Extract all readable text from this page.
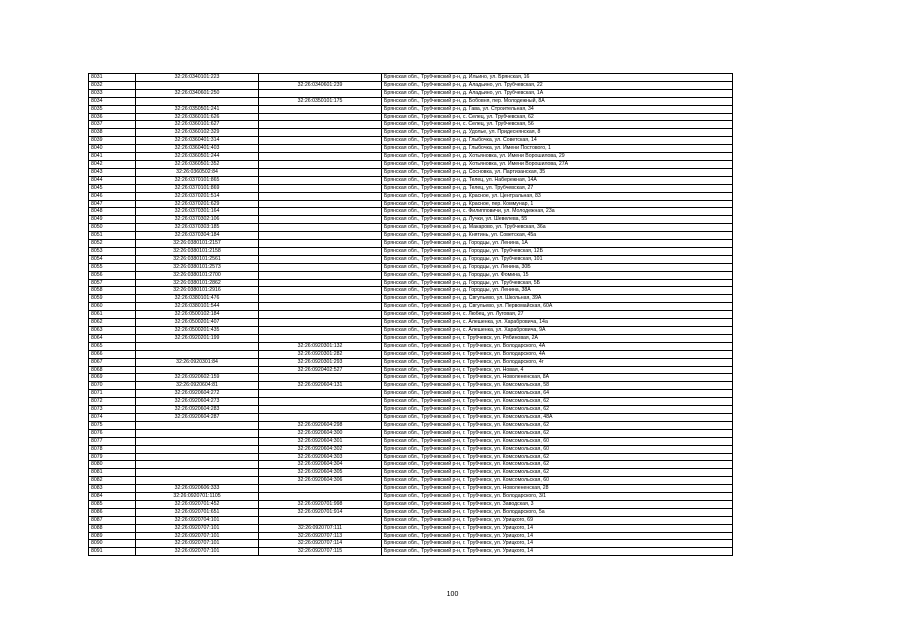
8031	32:26:0340101:223		Брянская обл., Трубчевский р-н, д. Ильино, ул. Брянская, 16
8032		32:26:0340601:239	Брянская обл., Трубчевский р-н, д. Аладьино, ул. Трубчевская, 22
8033	32:26:0340601:250		Брянская обл., Трубчевский р-н, д. Аладьино, ул. Трубчевская, 1А
8034		32:26:0350101:175	Брянская обл., Трубчевский р-н, д. Бобовня, пер. Молодежный, 8А
8035	32:26:0350501:241		Брянская обл., Трубчевский р-н, д. Гава, ул. Строительная, 34
8036	32:26:0360101:626		Брянская обл., Трубчевский р-н, с. Селец, ул. Трубчевская, 62
8037	32:26:0360101:627		Брянская обл., Трубчевский р-н, с. Селец, ул. Трубчевская, 56
8038	32:26:0360102:329		Брянская обл., Трубчевский р-н, д. Удолье, ул. Придеснянская, 8
8039	32:26:0360401:314		Брянская обл., Трубчевский р-н, д. Глыбочка, ул. Советская, 14
8040	32:26:0360401:403		Брянская обл., Трубчевский р-н, д. Глыбочка, ул. Имени Постового, 1
8041	32:26:0360501:244		Брянская обл., Трубчевский р-н, д. Хотьяновка, ул. Имени Ворошилова, 29
8042	32:26:0360501:352		Брянская обл., Трубчевский р-н, д. Хотьяновка, ул. Имени Ворошилова, 27А
8043	32:26:0360502:84		Брянская обл., Трубчевский р-н, д. Сосновка, ул. Партизанская, 35
8044	32:26:0370101:865		Брянская обл., Трубчевский р-н, д. Телец, ул. Набережная, 14А
8045	32:26:0370101:869		Брянская обл., Трубчевский р-н, д. Телец, ул. Трубчевская, 27
8046	32:26:0370201:514		Брянская обл., Трубчевский р-н, д. Красное, ул. Центральная, 83
8047	32:26:0370201:629		Брянская обл., Трубчевский р-н, д. Красное, пер. Коммунар, 1
8048	32:26:0370301:164		Брянская обл., Трубчевский р-н, с. Филипповичи, ул. Молодежная, 23а
8049	32:26:0370302:106		Брянская обл., Трубчевский р-н, д. Лучки, ул. Шевелева, 55
8050	32:26:0370303:185		Брянская обл., Трубчевский р-н, д. Макарово, ул. Трубчевская, 36а
8051	32:26:0370304:184		Брянская обл., Трубчевский р-н, д. Княтинь, ул. Советская, 45а
8052	32:26:0380101:2157		Брянская обл., Трубчевский р-н, д. Городцы, ул. Ленина, 1А
8053	32:26:0380101:2158		Брянская обл., Трубчевский р-н, д. Городцы, ул. Трубчевская, 12Б
8054	32:26:0380101:2561		Брянская обл., Трубчевский р-н, д. Городцы, ул. Трубчевская, 101
8055	32:26:0380101:2573		Брянская обл., Трубчевский р-н, д. Городцы, ул. Ленина, 30Б
8056	32:26:0380101:2700		Брянская обл., Трубчевский р-н, д. Городцы, ул. Фомина, 15
8057	32:26:0380101:2862		Брянская обл., Трубчевский р-н, д. Городцы, ул. Трубчевская, 5Б
8058	32:26:0380101:2916		Брянская обл., Трубчевский р-н, д. Городцы, ул. Ленина, 38А
8059	32:26:0380101:476		Брянская обл., Трубчевский р-н, д. Свгульево, ул. Школьная, 39А
8060	32:26:0380101:544		Брянская обл., Трубчевский р-н, д. Свгульево, ул. Первомайская, 60А
8061	32:26:0500102:184		Брянская обл., Трубчевский р-н, с. Любец, ул. Луговая, 27
8062	32:26:0500201:407		Брянская обл., Трубчевский р-н, с. Алешенка, ул. Харабровича, 14а
8063	32:26:0500201:435		Брянская обл., Трубчевский р-н, с. Алешенка, ул. Харабровича, 9А
8064	32:26:0920201:199		Брянская обл., Трубчевский р-н, г. Трубчевск, ул. Рябиновая, 2А
8065		32:26:0920301:132	Брянская обл., Трубчевский р-н, г. Трубчевск, ул. Володарского, 4А
8066		32:26:0920301:282	Брянская обл., Трубчевский р-н, г. Трубчевск, ул. Володарского, 4А
8067	32:26:0920301:84	32:26:0920301:293	Брянская обл., Трубчевский р-н, г. Трубчевск, ул. Володарского, 4г
8068		32:26:0920402:527	Брянская обл., Трубчевский р-н, г. Трубчевск, ул. Новая, 4
8069	32:26:0920602:159		Брянская обл., Трубчевский р-н, г. Трубчевск, ул. Новолененская, 8А
8070	32:26:0920604:81	32:26:0920604:131	Брянская обл., Трубчевский р-н, г. Трубчевск, ул. Комсомольская, 58
8071	32:26:0920604:272		Брянская обл., Трубчевский р-н, г. Трубчевск, ул. Комсомольская, 64
8072	32:26:0920604:273		Брянская обл., Трубчевский р-н, г. Трубчевск, ул. Комсомольская, 62
8073	32:26:0920604:283		Брянская обл., Трубчевский р-н, г. Трубчевск, ул. Комсомольская, 62
8074	32:26:0920604:287		Брянская обл., Трубчевский р-н, г. Трубчевск, ул. Комсомольская, 48А
8075		32:26:0920604:298	Брянская обл., Трубчевский р-н, г. Трубчевск, ул. Комсомольская, 62
8076		32:26:0920604:300	Брянская обл., Трубчевский р-н, г. Трубчевск, ул. Комсомольская, 62
8077		32:26:0920604:301	Брянская обл., Трубчевский р-н, г. Трубчевск, ул. Комсомольская, 60
8078		32:26:0920604:302	Брянская обл., Трубчевский р-н, г. Трубчевск, ул. Комсомольская, 60
8079		32:26:0920604:303	Брянская обл., Трубчевский р-н, г. Трубчевск, ул. Комсомольская, 62
8080		32:26:0920604:304	Брянская обл., Трубчевский р-н, г. Трубчевск, ул. Комсомольская, 62
8081		32:26:0920604:305	Брянская обл., Трубчевский р-н, г. Трубчевск, ул. Комсомольская, 62
8082		32:26:0920604:306	Брянская обл., Трубчевский р-н, г. Трубчевск, ул. Комсомольская, 60
8083	32:26:0920606:333		Брянская обл., Трубчевский р-н, г. Трубчевск, ул. Новолененская, 28
8084	32:26:0920701:1105		Брянская обл., Трубчевский р-н, г. Трубчевск, ул. Володарского, 3/1
8085	32:26:0920701:452	32:26:0920701:998	Брянская обл., Трубчевский р-н, г. Трубчевск, ул. Заводская, 3
8086	32:26:0920701:651	32:26:0920701:914	Брянская обл., Трубчевский р-н, г. Трубчевск, ул. Володарского, 5а
8087	32:26:0920704:101		Брянская обл., Трубчевский р-н, г. Трубчевск, ул. Урицкого, 69
8088	32:26:0920707:101	32:26:0920707:111	Брянская обл., Трубчевский р-н, г. Трубчевск, ул. Урицкого, 14
8089	32:26:0920707:101	32:26:0920707:113	Брянская обл., Трубчевский р-н, г. Трубчевск, ул. Урицкого, 14
8090	32:26:0920707:101	32:26:0920707:114	Брянская обл., Трубчевский р-н, г. Трубчевск, ул. Урицкого, 14
8091	32:26:0920707:101	32:26:0920707:115	Брянская обл., Трубчевский р-н, г. Трубчевск, ул. Урицкого, 14
100
